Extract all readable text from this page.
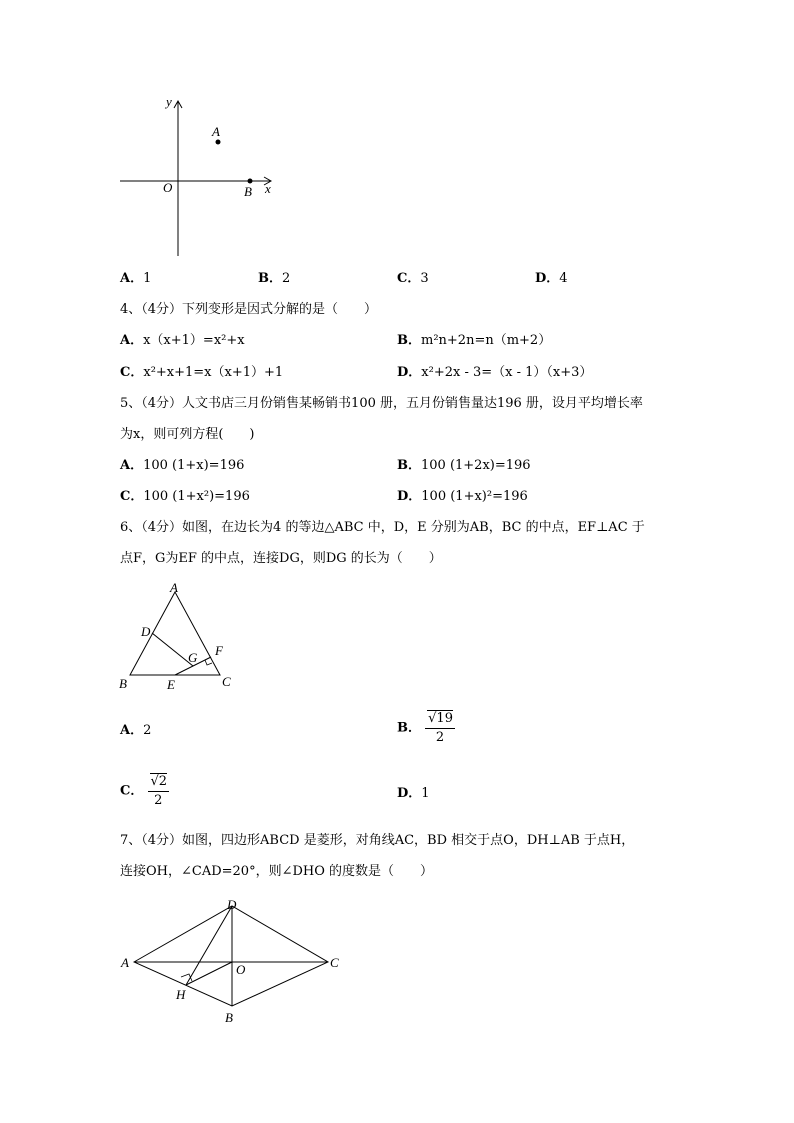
y
x
O
A
B
A．1	B．2	C．3	D．4
4、（4分）下列变形是因式分解的是（　　）
A．x（x+1）=x²+x	B．m²n+2n=n（m+2）
C．x²+x+1=x（x+1）+1	D．x²+2x - 3=（x - 1）（x+3）
5、（4分）人文书店三月份销售某畅销书100 册，五月份销售量达196 册，设月平均增长率
为x，则可列方程(　　)
A．100 (1+x)=196	B．100 (1+2x)=196
C．100 (1+x²)=196	D．100 (1+x)²=196
6、（4分）如图，在边长为4 的等边△ABC 中，D，E 分别为AB，BC 的中点，EF⊥AC 于
点F，G为EF 的中点，连接DG，则DG 的长为（　　）
A
B	C
D
E
F
G
A．2	B． $\frac{√19}{2}$
C． $\frac{√2}{2}$	D．1
7、（4分）如图，四边形ABCD 是菱形，对角线AC，BD 相交于点O，DH⊥AB 于点H，
连接OH，∠CAD=20°，则∠DHO 的度数是（　　）
A
B
C
D
O
H
